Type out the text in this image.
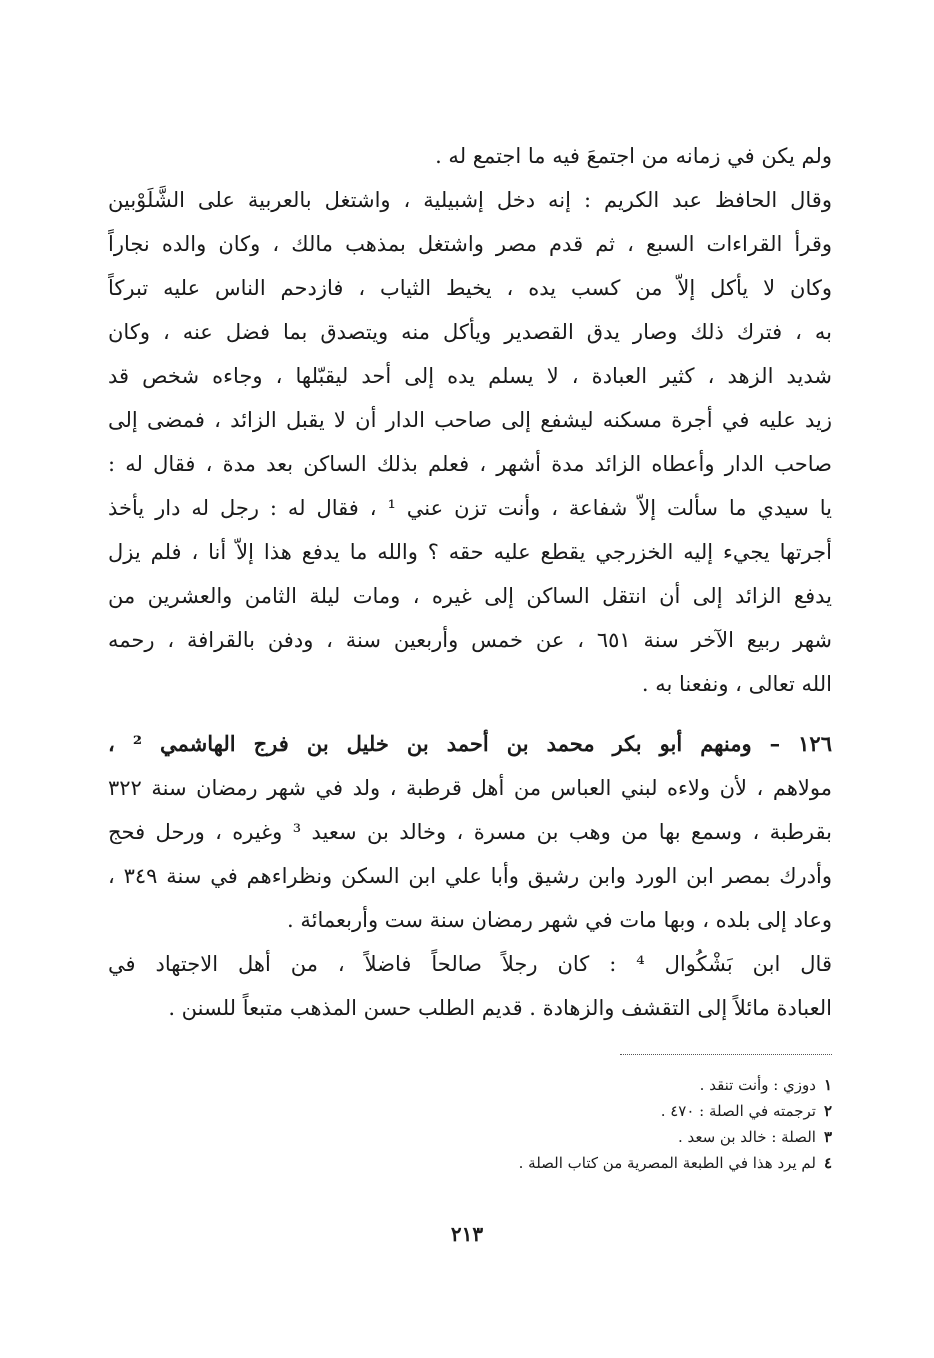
ولم يكن في زمانه من اجتمعَ فيه ما اجتمع له .
وقال الحافظ عبد الكريم : إنه دخل إشبيلية ، واشتغل بالعربية على الشَّلَوْبين
وقرأ القراءات السبع ، ثم قدم مصر واشتغل بمذهب مالك ، وكان والده نجاراً
وكان لا يأكل إلاّ من كسب يده ، يخيط الثياب ، فازدحم الناس عليه تبركاً
به ، فترك ذلك وصار يدق القصدير ويأكل منه ويتصدق بما فضل عنه ، وكان
شديد الزهد ، كثير العبادة ، لا يسلم يده إلى أحد ليقبّلها ، وجاءه شخص قد
زيد عليه في أجرة مسكنه ليشفع إلى صاحب الدار أن لا يقبل الزائد ، فمضى إلى
صاحب الدار وأعطاه الزائد مدة أشهر ، فعلم بذلك الساكن بعد مدة ، فقال له :
يا سيدي ما سألت إلاّ شفاعة ، وأنت تزن عني ¹ ، فقال له : رجل له دار يأخذ
أجرتها يجيء إليه الخزرجي يقطع عليه حقه ؟ والله ما يدفع هذا إلاّ أنا ، فلم يزل
يدفع الزائد إلى أن انتقل الساكن إلى غيره ، ومات ليلة الثامن والعشرين من
شهر ربيع الآخر سنة ٦٥١ ، عن خمس وأربعين سنة ، ودفن بالقرافة ، رحمه
الله تعالى ، ونفعنا به .
١٢٦ – ومنهم أبو بكر محمد بن أحمد بن خليل بن فرج الهاشمي ² ،
مولاهم ، لأن ولاءه لبني العباس من أهل قرطبة ، ولد في شهر رمضان سنة ٣٢٢
بقرطبة ، وسمع بها من وهب بن مسرة ، وخالد بن سعيد ³ وغيره ، ورحل فحج
وأدرك بمصر ابن الورد وابن رشيق وأبا علي ابن السكن ونظراءهم في سنة ٣٤٩ ،
وعاد إلى بلده ، وبها مات في شهر رمضان سنة ست وأربعمائة .
قال ابن بَشْكُوال ⁴ : كان رجلاً صالحاً فاضلاً ، من أهل الاجتهاد في
العبادة مائلاً إلى التقشف والزهادة . قديم الطلب حسن المذهب متبعاً للسنن .
١دوزي : وأنت تنقد .
٢ترجمته في الصلة : ٤٧٠ .
٣الصلة : خالد بن سعد .
٤لم يرد هذا في الطبعة المصرية من كتاب الصلة .
٢١٣
